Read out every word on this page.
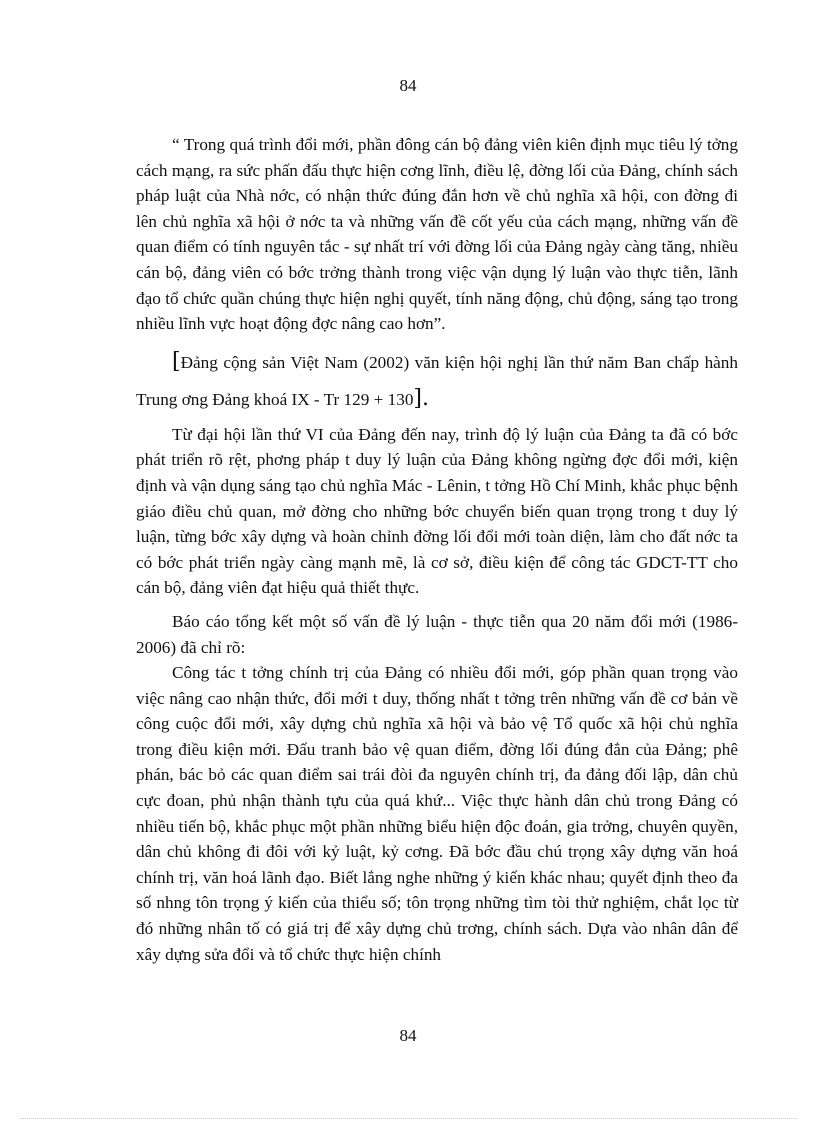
84

“ Trong quá trình đổi mới, phần đông cán bộ đảng viên kiên định mục tiêu lý tởng cách mạng, ra sức phấn đấu thực hiện cơng lĩnh, điều lệ, đờng lối của Đảng, chính sách pháp luật của Nhà nớc, có nhận thức đúng đắn hơn về chủ nghĩa xã hội, con đờng đi lên chủ nghĩa xã hội ở nớc ta và những vấn đề cốt yếu của cách mạng, những vấn đề quan điểm có tính nguyên tắc - sự nhất trí với đờng lối của Đảng ngày càng tăng, nhiều cán bộ, đảng viên có bớc trởng thành trong việc vận dụng lý luận vào thực tiễn, lãnh đạo tổ chức quần chúng thực hiện nghị quyết, tính năng động, chủ động, sáng tạo trong nhiều lĩnh vực hoạt động đợc nâng cao hơn”.

[Đảng cộng sản Việt Nam (2002) văn kiện hội nghị lần thứ năm Ban chấp hành Trung ơng Đảng khoá IX - Tr 129 + 130].

Từ đại hội lần thứ VI của Đảng đến nay, trình độ lý luận của Đảng ta đã có bớc phát triển rõ rệt, phơng pháp t duy lý luận của Đảng không ngừng đợc đổi mới, kiện định và vận dụng sáng tạo chủ nghĩa Mác - Lênin, t tởng Hồ Chí Minh, khắc phục bệnh giáo điều chủ quan, mở đờng cho những bớc chuyển biến quan trọng trong t duy lý luận, từng bớc xây dựng và hoàn chỉnh đờng lối đổi mới toàn diện, làm cho đất nớc ta có bớc phát triển ngày càng mạnh mẽ, là cơ sở, điều kiện để công tác GDCT-TT cho cán bộ, đảng viên đạt hiệu quả thiết thực.

Báo cáo tổng kết một số vấn đề lý luận - thực tiễn qua 20 năm đổi mới (1986-2006) đã chỉ rõ:

Công tác t tởng chính trị của Đảng có nhiều đổi mới, góp phần quan trọng vào việc nâng cao nhận thức, đổi mới t duy, thống nhất t tởng trên những vấn đề cơ bản về công cuộc đổi mới, xây dựng chủ nghĩa xã hội và bảo vệ Tổ quốc xã hội chủ nghĩa trong điều kiện mới. Đấu tranh bảo vệ quan điểm, đờng lối đúng đắn của Đảng; phê phán, bác bỏ các quan điểm sai trái đòi đa nguyên chính trị, đa đảng đối lập, dân chủ cực đoan, phủ nhận thành tựu của quá khứ... Việc thực hành dân chủ trong Đảng có nhiều tiến bộ, khắc phục một phần những biểu hiện độc đoán, gia trởng, chuyên quyền, dân chủ không đi đôi với kỷ luật, kỷ cơng. Đã bớc đầu chú trọng xây dựng văn hoá chính trị, văn hoá lãnh đạo. Biết lắng nghe những ý kiến khác nhau; quyết định theo đa số nhng tôn trọng ý kiến của thiểu số; tôn trọng những tìm tòi thử nghiệm, chắt lọc từ đó những nhân tố có giá trị để xây dựng chủ trơng, chính sách. Dựa vào nhân dân để xây dựng sửa đổi và tổ chức thực hiện chính

84
